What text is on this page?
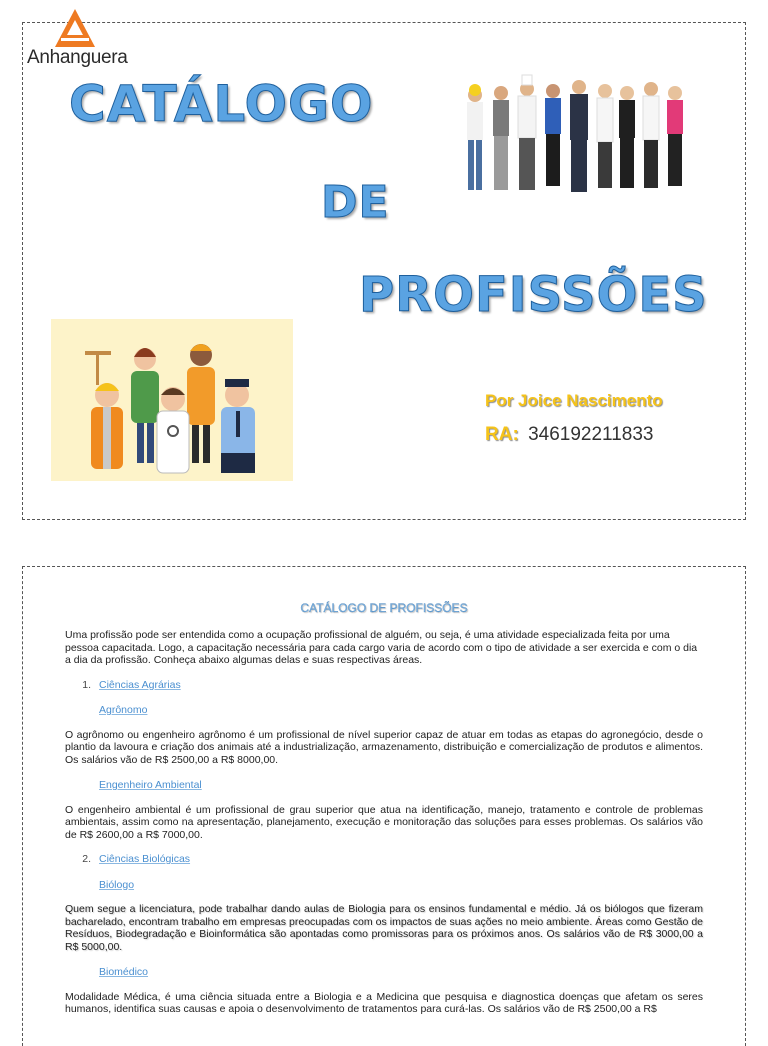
Anhanguera
CATÁLOGO
DE
PROFISSÕES
Por Joice Nascimento
RA: 346192211833
CATÁLOGO DE PROFISSÕES

Uma profissão pode ser entendida como a ocupação profissional de alguém, ou seja, é uma atividade especializada feita por uma pessoa capacitada. Logo, a capacitação necessária para cada cargo varia de acordo com o tipo de atividade a ser exercida e com o dia a dia da profissão. Conheça abaixo algumas delas e suas respectivas áreas.

1. Ciências Agrárias
Agrônomo

O agrônomo ou engenheiro agrônomo é um profissional de nível superior capaz de atuar em todas as etapas do agronegócio, desde o plantio da lavoura e criação dos animais até a industrialização, armazenamento, distribuição e comercialização de produtos e alimentos. Os salários vão de R$ 2500,00 a R$ 8000,00.

Engenheiro Ambiental

O engenheiro ambiental é um profissional de grau superior que atua na identificação, manejo, tratamento e controle de problemas ambientais, assim como na apresentação, planejamento, execução e monitoração das soluções para esses problemas. Os salários vão de R$ 2600,00 a R$ 7000,00.

2. Ciências Biológicas
Biólogo

Quem segue a licenciatura, pode trabalhar dando aulas de Biologia para os ensinos fundamental e médio. Já os biólogos que fizeram bacharelado, encontram trabalho em empresas preocupadas com os impactos de suas ações no meio ambiente. Áreas como Gestão de Resíduos, Biodegradação e Bioinformática são apontadas como promissoras para os próximos anos. Os salários vão de R$ 3000,00 a R$ 5000,00.

Biomédico

Modalidade Médica, é uma ciência situada entre a Biologia e a Medicina que pesquisa e diagnostica doenças que afetam os seres humanos, identifica suas causas e apoia o desenvolvimento de tratamentos para curá-las. Os salários vão de R$ 2500,00 a R$
